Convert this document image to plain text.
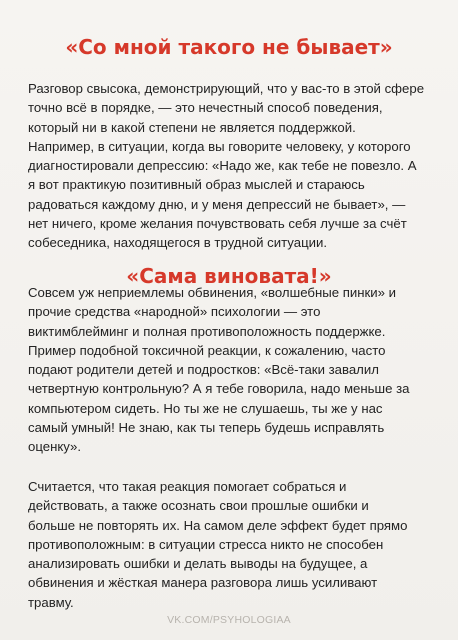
«Со мной такого не бывает»
Разговор свысока, демонстрирующий, что у вас-то в этой сфере
точно всё в порядке, — это нечестный способ поведения,
который ни в какой степени не является поддержкой.
Например, в ситуации, когда вы говорите человеку, у которого
диагностировали депрессию: «Надо же, как тебе не повезло. А
я вот практикую позитивный образ мыслей и стараюсь
радоваться каждому дню, и у меня депрессий не бывает», —
нет ничего, кроме желания почувствовать себя лучше за счёт
собеседника, находящегося в трудной ситуации.
«Сама виновата!»
Совсем уж неприемлемы обвинения, «волшебные пинки» и
прочие средства «народной» психологии — это
виктимблейминг и полная противоположность поддержке.
Пример подобной токсичной реакции, к сожалению, часто
подают родители детей и подростков: «Всё-таки завалил
четвертную контрольную? А я тебе говорила, надо меньше за
компьютером сидеть. Но ты же не слушаешь, ты же у нас
самый умный! Не знаю, как ты теперь будешь исправлять
оценку».
Считается, что такая реакция помогает собраться и
действовать, а также осознать свои прошлые ошибки и
больше не повторять их. На самом деле эффект будет прямо
противоположным: в ситуации стресса никто не способен
анализировать ошибки и делать выводы на будущее, а
обвинения и жёсткая манера разговора лишь усиливают
травму.
VK.COM/PSYHOLOGIAA
